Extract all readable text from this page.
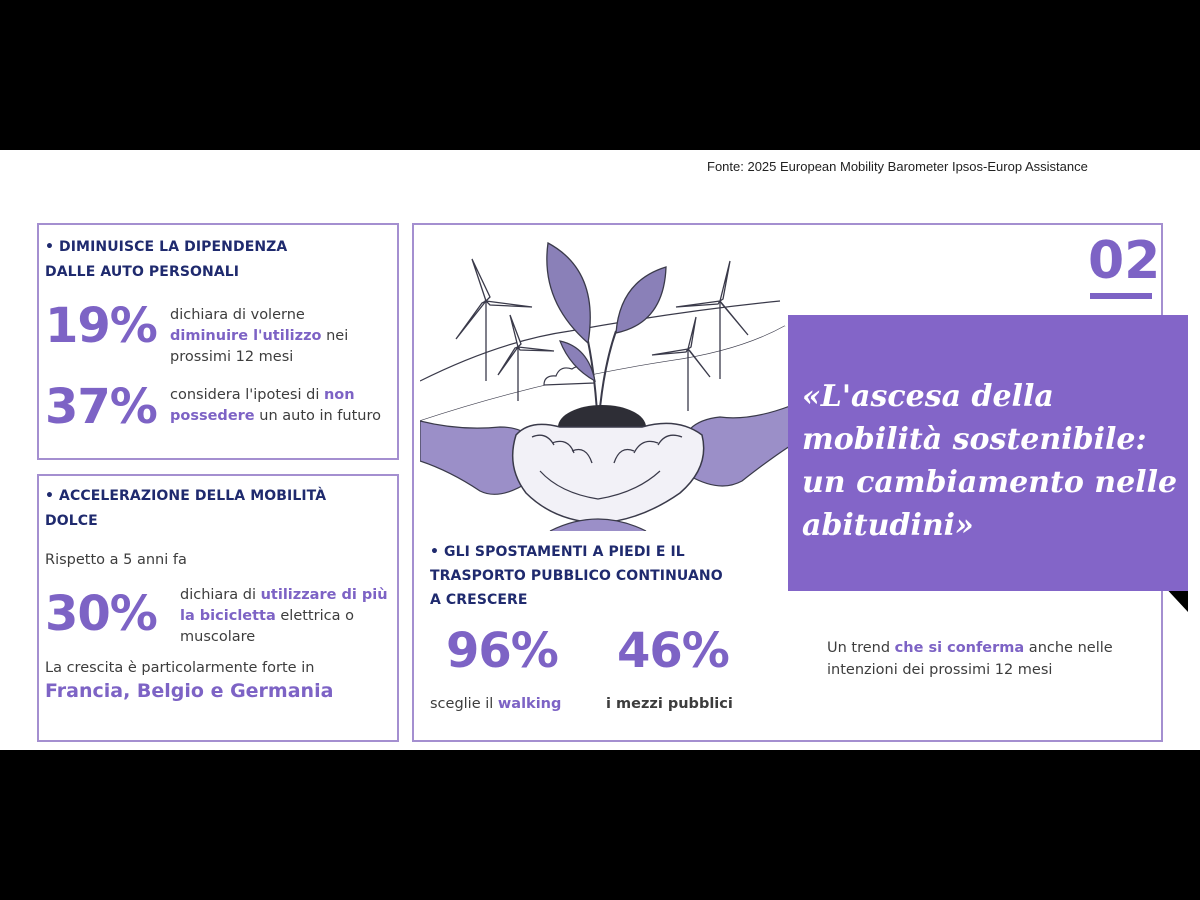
Fonte: 2025 European Mobility Barometer Ipsos-Europ Assistance
• DIMINUISCE LA DIPENDENZA
DALLE AUTO PERSONALI
19% dichiara di volerne
diminuire l'utilizzo nei
prossimi 12 mesi
37% considera l'ipotesi di non
possedere un auto in futuro
• ACCELERAZIONE DELLA MOBILITÀ
DOLCE
Rispetto a 5 anni fa
30% dichiara di utilizzare di più
la bicicletta elettrica o
muscolare
La crescita è particolarmente forte in
Francia, Belgio e Germania
02
• GLI SPOSTAMENTI A PIEDI E IL
TRASPORTO PUBBLICO CONTINUANO
A CRESCERE
96%
sceglie il walking
46%
i mezzi pubblici
Un trend che si conferma anche nelle
intenzioni dei prossimi 12 mesi
«L'ascesa della
mobilità sostenibile:
un cambiamento nelle
abitudini»
